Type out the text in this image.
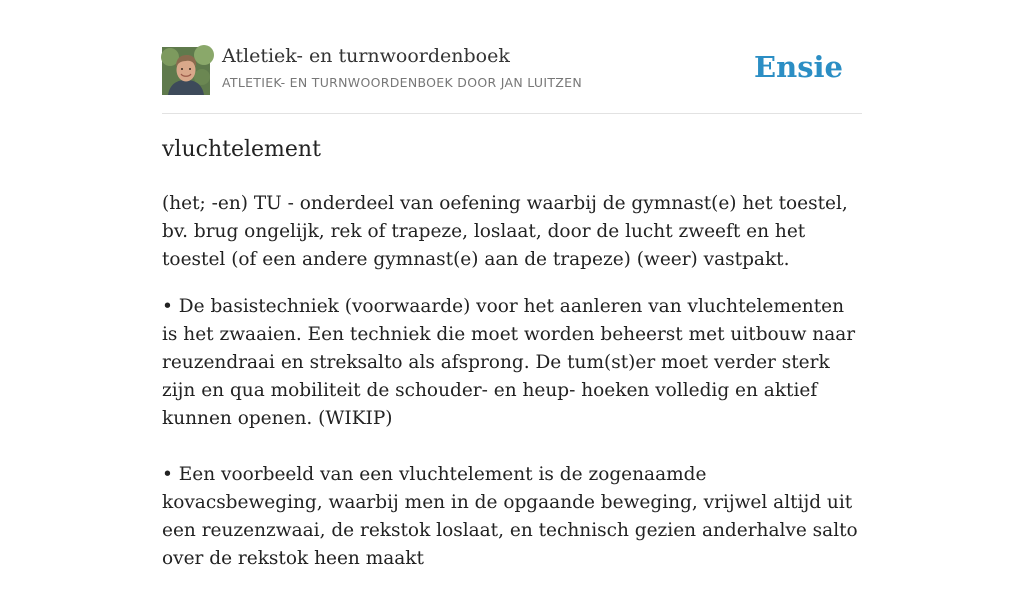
Atletiek- en turnwoordenboek
ATLETIEK- EN TURNWOORDENBOEK DOOR JAN LUITZEN	Ensie
vluchtelement

(het; -en) TU - onderdeel van oefening waarbij de gymnast(e) het toestel, bv. brug ongelijk, rek of trapeze, loslaat, door de lucht zweeft en het toestel (of een andere gymnast(e) aan de trapeze) (weer) vastpakt.

• De basistechniek (voorwaarde) voor het aanleren van vluchtelementen is het zwaaien. Een techniek die moet worden beheerst met uitbouw naar reuzendraai en streksalto als afsprong. De tum(st)er moet verder sterk zijn en qua mobiliteit de schouder- en heup- hoeken volledig en aktief kunnen openen. (WIKIP)

• Een voorbeeld van een vluchtelement is de zogenaamde kovacsbeweging, waarbij men in de opgaande beweging, vrijwel altijd uit een reuzenzwaai, de rekstok loslaat, en technisch gezien anderhalve salto over de rekstok heen maakt
